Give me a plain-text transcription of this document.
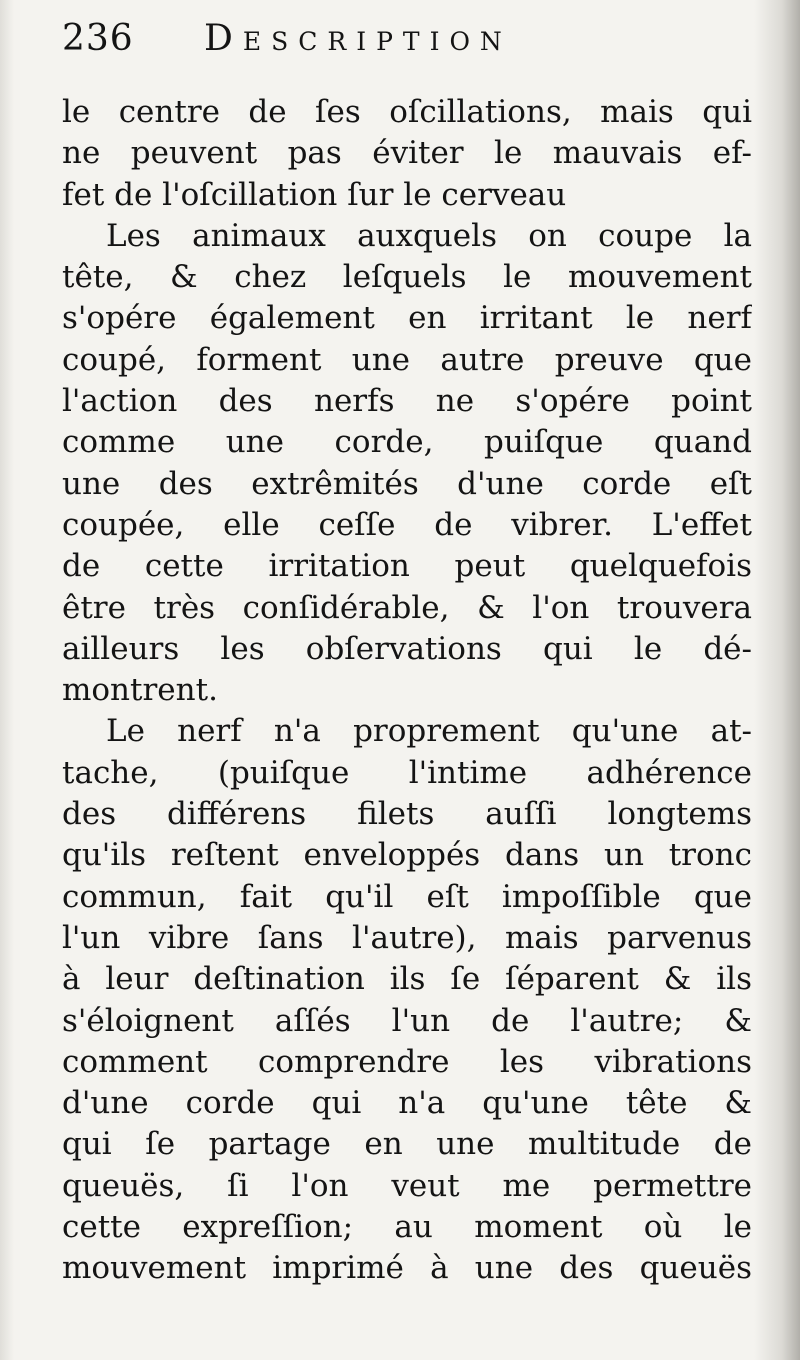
236 Description
le centre de ſes oſcillations, mais qui
ne peuvent pas éviter le mauvais ef-
fet de l'oſcillation ſur le cerveau
Les animaux auxquels on coupe la
tête, & chez leſquels le mouvement
s'opére également en irritant le nerf
coupé, forment une autre preuve que
l'action des nerfs ne s'opére point
comme une corde, puiſque quand
une des extrêmités d'une corde eſt
coupée, elle ceſſe de vibrer. L'effet
de cette irritation peut quelquefois
être très conſidérable, & l'on trouvera
ailleurs les obſervations qui le dé-
montrent.
Le nerf n'a proprement qu'une at-
tache, (puiſque l'intime adhérence
des différens filets auſſi longtems
qu'ils reſtent enveloppés dans un tronc
commun, fait qu'il eſt impoſſible que
l'un vibre ſans l'autre), mais parvenus
à leur deſtination ils ſe ſéparent & ils
s'éloignent aſſés l'un de l'autre; &
comment comprendre les vibrations
d'une corde qui n'a qu'une tête &
qui ſe partage en une multitude de
queuës, ſi l'on veut me permettre
cette expreſſion; au moment où le
mouvement imprimé à une des queuës
